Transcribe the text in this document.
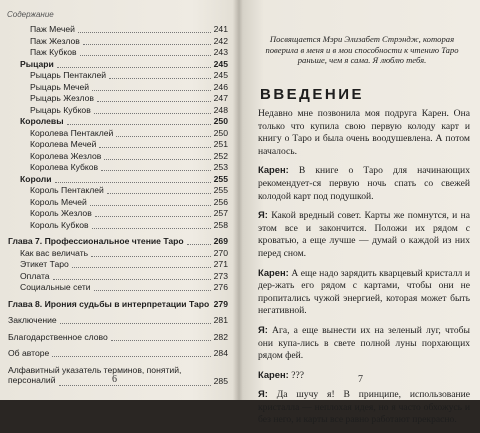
Содержание
Паж Мечей	241
Паж Жезлов	242
Паж Кубков	243
Рыцари	245
Рыцарь Пентаклей	245
Рыцарь Мечей	246
Рыцарь Жезлов	247
Рыцарь Кубков	248
Королевы	250
Королева Пентаклей	250
Королева Мечей	251
Королева Жезлов	252
Королева Кубков	253
Короли	255
Король Пентаклей	255
Король Мечей	256
Король Жезлов	257
Король Кубков	258
Глава 7. Профессиональное чтение Таро	269
Как вас величать	270
Этикет Таро	271
Оплата	273
Социальные сети	276
Глава 8. Ирония судьбы в интерпретации Таро 279
Заключение	281
Благодарственное слово	282
Об авторе	284
Алфавитный указатель терминов, понятий, персоналий	285
6
Посвящается Мэри Элизабет Стрэндж, которая поверила в меня и в мои способности к чтению Таро раньше, чем я сама. Я люблю тебя.
ВВЕДЕНИЕ

Недавно мне позвонила моя подруга Карен. Она только что купила свою первую колоду карт и книгу о Таро и была очень воодушевлена. А потом началось.

Карен: В книге о Таро для начинающих рекомендует-ся первую ночь спать со свежей колодой карт под подушкой.

Я: Какой вредный совет. Карты же помнутся, и на этом все и закончится. Положи их рядом с кроватью, а еще лучше — думай о каждой из них перед сном.

Карен: А еще надо зарядить кварцевый кристалл и дер-жать его рядом с картами, чтобы они не пропитались чужой энергией, которая может быть негативной.

Я: Ага, а еще вынести их на зеленый луг, чтобы они купа-лись в свете полной луны порхающих рядом фей.

Карен: ???

Я: Да шучу я! В принципе, использование кристалла — неплохая идея, но я часто обхожусь и без него, и карты все равно работают прекрасно.

7
